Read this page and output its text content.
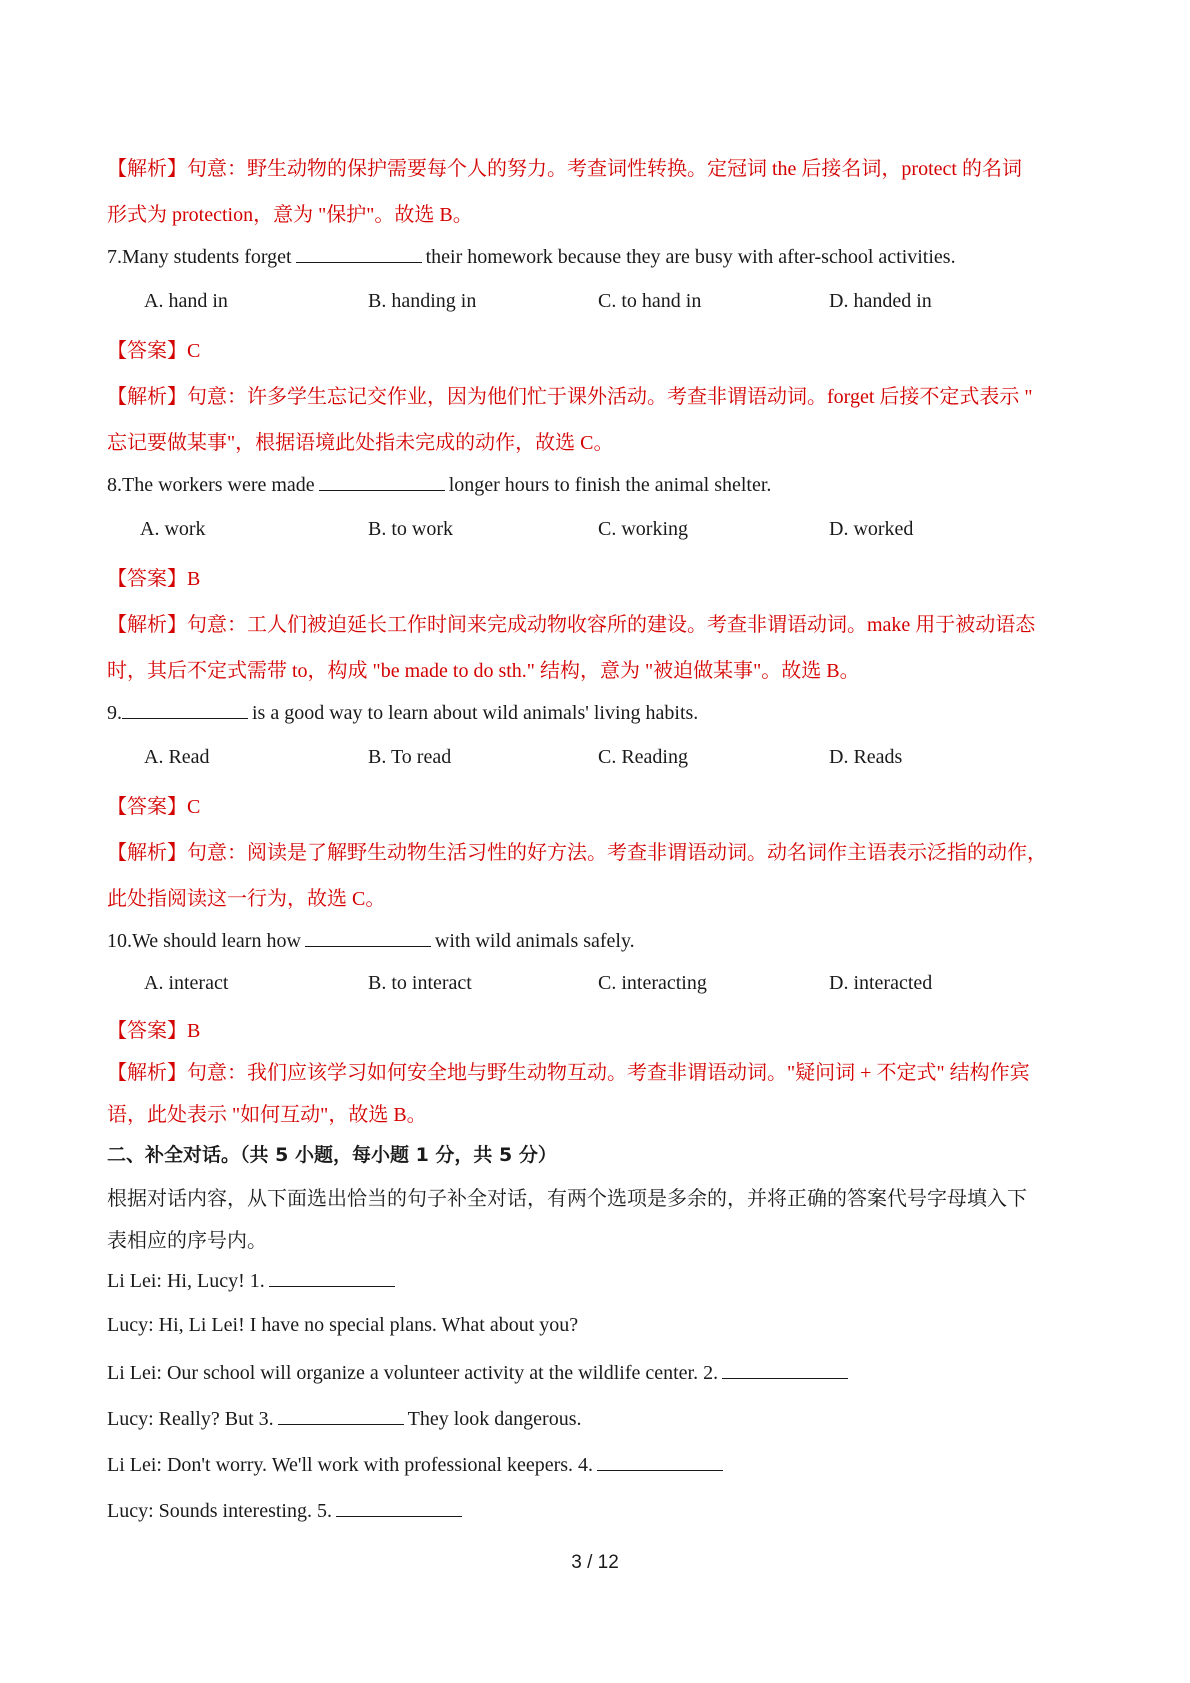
【解析】句意：野生动物的保护需要每个人的努力。考查词性转换。定冠词 the 后接名词，protect 的名词
形式为 protection，意为 "保护"。故选 B。
7.Many students forget	their homework because they are busy with after-school activities.
A. hand in	B. handing in	C. to hand in	D. handed in
【答案】C
【解析】句意：许多学生忘记交作业，因为他们忙于课外活动。考查非谓语动词。forget 后接不定式表示 "
忘记要做某事"，根据语境此处指未完成的动作，故选 C。
8.The workers were made	longer hours to finish the animal shelter.
A. work	B. to work	C. working	D. worked
【答案】B
【解析】句意：工人们被迫延长工作时间来完成动物收容所的建设。考查非谓语动词。make 用于被动语态
时，其后不定式需带 to，构成 "be made to do sth." 结构，意为 "被迫做某事"。故选 B。
9.	is a good way to learn about wild animals' living habits.
A. Read	B. To read	C. Reading	D. Reads
【答案】C
【解析】句意：阅读是了解野生动物生活习性的好方法。考查非谓语动词。动名词作主语表示泛指的动作，
此处指阅读这一行为，故选 C。
10.We should learn how	with wild animals safely.
A. interact	B. to interact	C. interacting	D. interacted
【答案】B
【解析】句意：我们应该学习如何安全地与野生动物互动。考查非谓语动词。"疑问词 + 不定式" 结构作宾
语，此处表示 "如何互动"，故选 B。
二、补全对话。（共 5 小题，每小题 1 分，共 5 分）
根据对话内容，从下面选出恰当的句子补全对话，有两个选项是多余的，并将正确的答案代号字母填入下
表相应的序号内。
Li Lei: Hi, Lucy! 1.
Lucy: Hi, Li Lei! I have no special plans. What about you?
Li Lei: Our school will organize a volunteer activity at the wildlife center. 2.
Lucy: Really? But 3.	They look dangerous.
Li Lei: Don't worry. We'll work with professional keepers. 4.
Lucy: Sounds interesting. 5.
3 / 12
